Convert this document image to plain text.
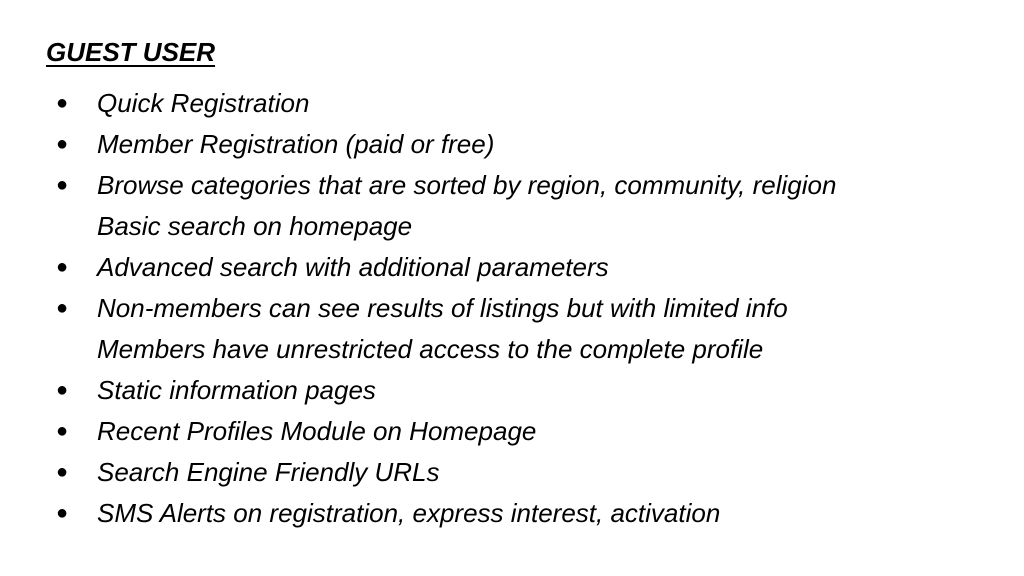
GUEST USER
● Quick Registration
● Member Registration (paid or free)
● Browse categories that are sorted by region, community, religion
Basic search on homepage
● Advanced search with additional parameters
● Non-members can see results of listings but with limited info
Members have unrestricted access to the complete profile
● Static information pages
● Recent Profiles Module on Homepage
● Search Engine Friendly URLs
● SMS Alerts on registration, express interest, activation
